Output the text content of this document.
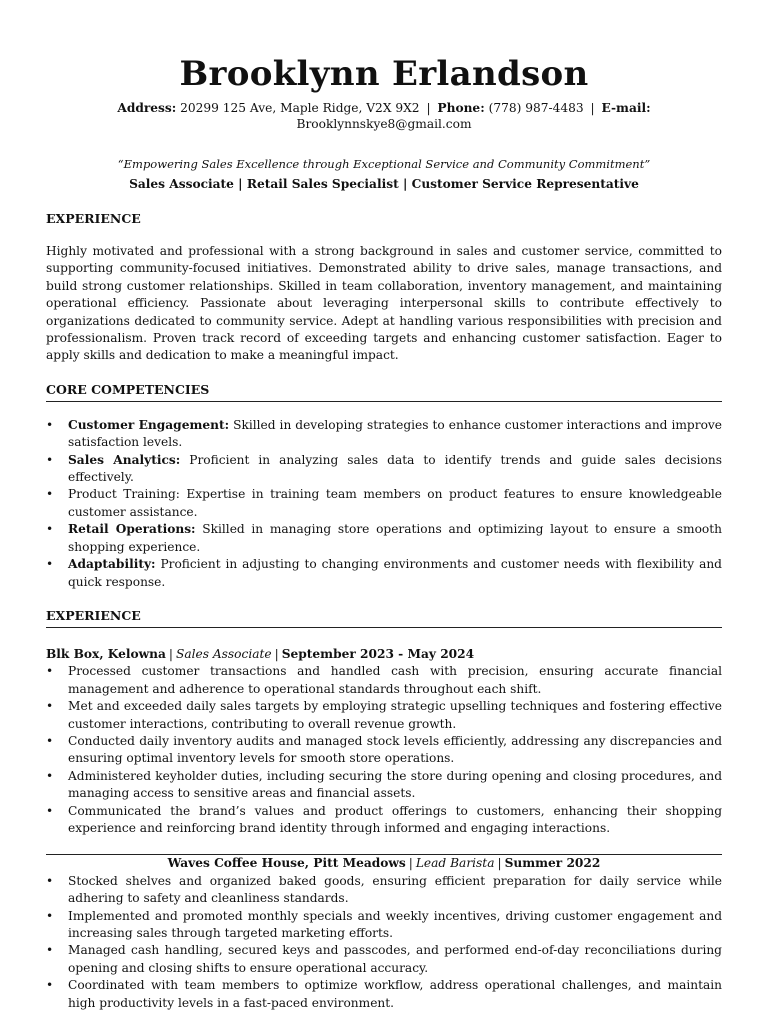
Brooklynn Erlandson
Address: 20299 125 Ave, Maple Ridge, V2X 9X2 | Phone: (778) 987-4483 | E-mail: Brooklynnskye8@gmail.com
“Empowering Sales Excellence through Exceptional Service and Community Commitment”
Sales Associate | Retail Sales Specialist | Customer Service Representative
EXPERIENCE
Highly motivated and professional with a strong background in sales and customer service, committed to supporting community-focused initiatives. Demonstrated ability to drive sales, manage transactions, and build strong customer relationships. Skilled in team collaboration, inventory management, and maintaining operational efficiency. Passionate about leveraging interpersonal skills to contribute effectively to organizations dedicated to community service. Adept at handling various responsibilities with precision and professionalism. Proven track record of exceeding targets and enhancing customer satisfaction. Eager to apply skills and dedication to make a meaningful impact.
CORE COMPETENCIES
• Customer Engagement: Skilled in developing strategies to enhance customer interactions and improve satisfaction levels.
• Sales Analytics: Proficient in analyzing sales data to identify trends and guide sales decisions effectively.
• Product Training: Expertise in training team members on product features to ensure knowledgeable customer assistance.
• Retail Operations: Skilled in managing store operations and optimizing layout to ensure a smooth shopping experience.
• Adaptability: Proficient in adjusting to changing environments and customer needs with flexibility and quick response.
EXPERIENCE
Blk Box, Kelowna | Sales Associate | September 2023 - May 2024
• Processed customer transactions and handled cash with precision, ensuring accurate financial management and adherence to operational standards throughout each shift.
• Met and exceeded daily sales targets by employing strategic upselling techniques and fostering effective customer interactions, contributing to overall revenue growth.
• Conducted daily inventory audits and managed stock levels efficiently, addressing any discrepancies and ensuring optimal inventory levels for smooth store operations.
• Administered keyholder duties, including securing the store during opening and closing procedures, and managing access to sensitive areas and financial assets.
• Communicated the brand’s values and product offerings to customers, enhancing their shopping experience and reinforcing brand identity through informed and engaging interactions.
Waves Coffee House, Pitt Meadows | Lead Barista | Summer 2022
• Stocked shelves and organized baked goods, ensuring efficient preparation for daily service while adhering to safety and cleanliness standards.
• Implemented and promoted monthly specials and weekly incentives, driving customer engagement and increasing sales through targeted marketing efforts.
• Managed cash handling, secured keys and passcodes, and performed end-of-day reconciliations during opening and closing shifts to ensure operational accuracy.
• Coordinated with team members to optimize workflow, address operational challenges, and maintain high productivity levels in a fast-paced environment.
